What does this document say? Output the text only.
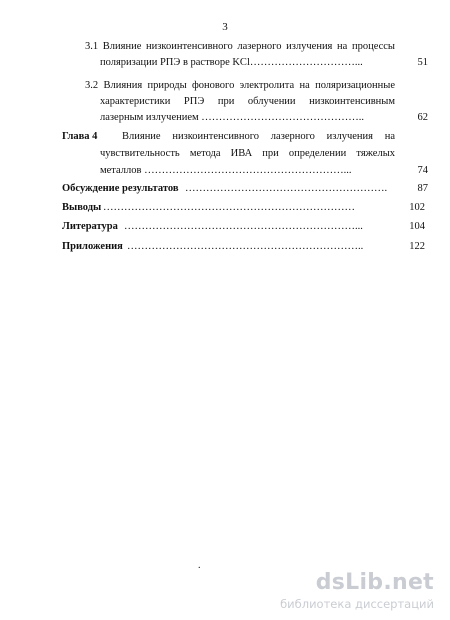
3
3.1 Влияние низкоинтенсивного лазерного излучения на процессы
поляризации РПЭ в растворе KCl…………………………...	51
3.2 Влияния природы фонового электролита на поляризационные
характеристики РПЭ при облучении низкоинтенсивным
лазерным излучением ………………………………………..	62
Глава 4	Влияние низкоинтенсивного лазерного излучения на
чувствительность метода ИВА при определении тяжелых
металлов …………………………………………………...	74
Обсуждение результатов ………………………………………………….	87
Выводы ………………………………………………………………	102
Литература …………………………………………………………...	104
Приложения …………………………………………………………..	122
.
dsLib.net
библиотека диссертаций
